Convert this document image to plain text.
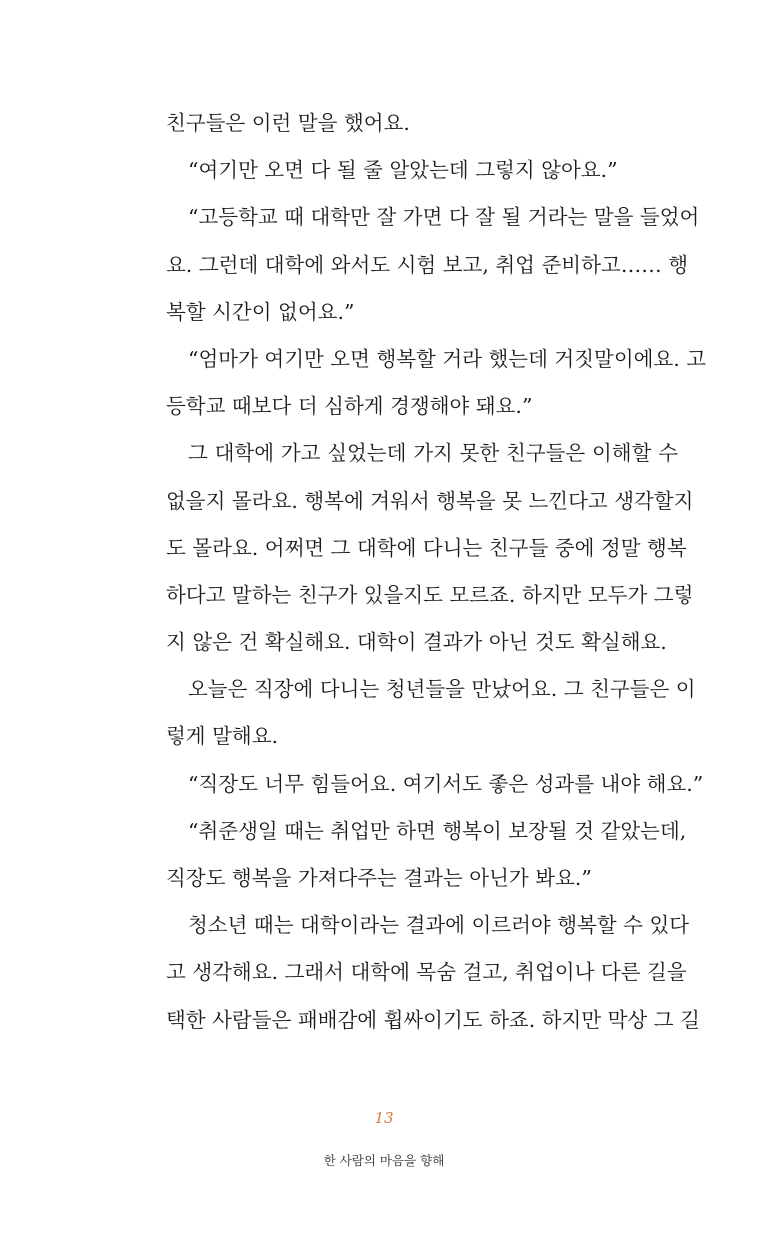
친구들은 이런 말을 했어요.
“여기만 오면 다 될 줄 알았는데 그렇지 않아요.”
“고등학교 때 대학만 잘 가면 다 잘 될 거라는 말을 들었어
요. 그런데 대학에 와서도 시험 보고, 취업 준비하고…… 행
복할 시간이 없어요.”
“엄마가 여기만 오면 행복할 거라 했는데 거짓말이에요. 고
등학교 때보다 더 심하게 경쟁해야 돼요.”
그 대학에 가고 싶었는데 가지 못한 친구들은 이해할 수
없을지 몰라요. 행복에 겨워서 행복을 못 느낀다고 생각할지
도 몰라요. 어쩌면 그 대학에 다니는 친구들 중에 정말 행복
하다고 말하는 친구가 있을지도 모르죠. 하지만 모두가 그렇
지 않은 건 확실해요. 대학이 결과가 아닌 것도 확실해요.
오늘은 직장에 다니는 청년들을 만났어요. 그 친구들은 이
렇게 말해요.
“직장도 너무 힘들어요. 여기서도 좋은 성과를 내야 해요.”
“취준생일 때는 취업만 하면 행복이 보장될 것 같았는데,
직장도 행복을 가져다주는 결과는 아닌가 봐요.”
청소년 때는 대학이라는 결과에 이르러야 행복할 수 있다
고 생각해요. 그래서 대학에 목숨 걸고, 취업이나 다른 길을
택한 사람들은 패배감에 휩싸이기도 하죠. 하지만 막상 그 길
13
한 사람의 마음을 향해
